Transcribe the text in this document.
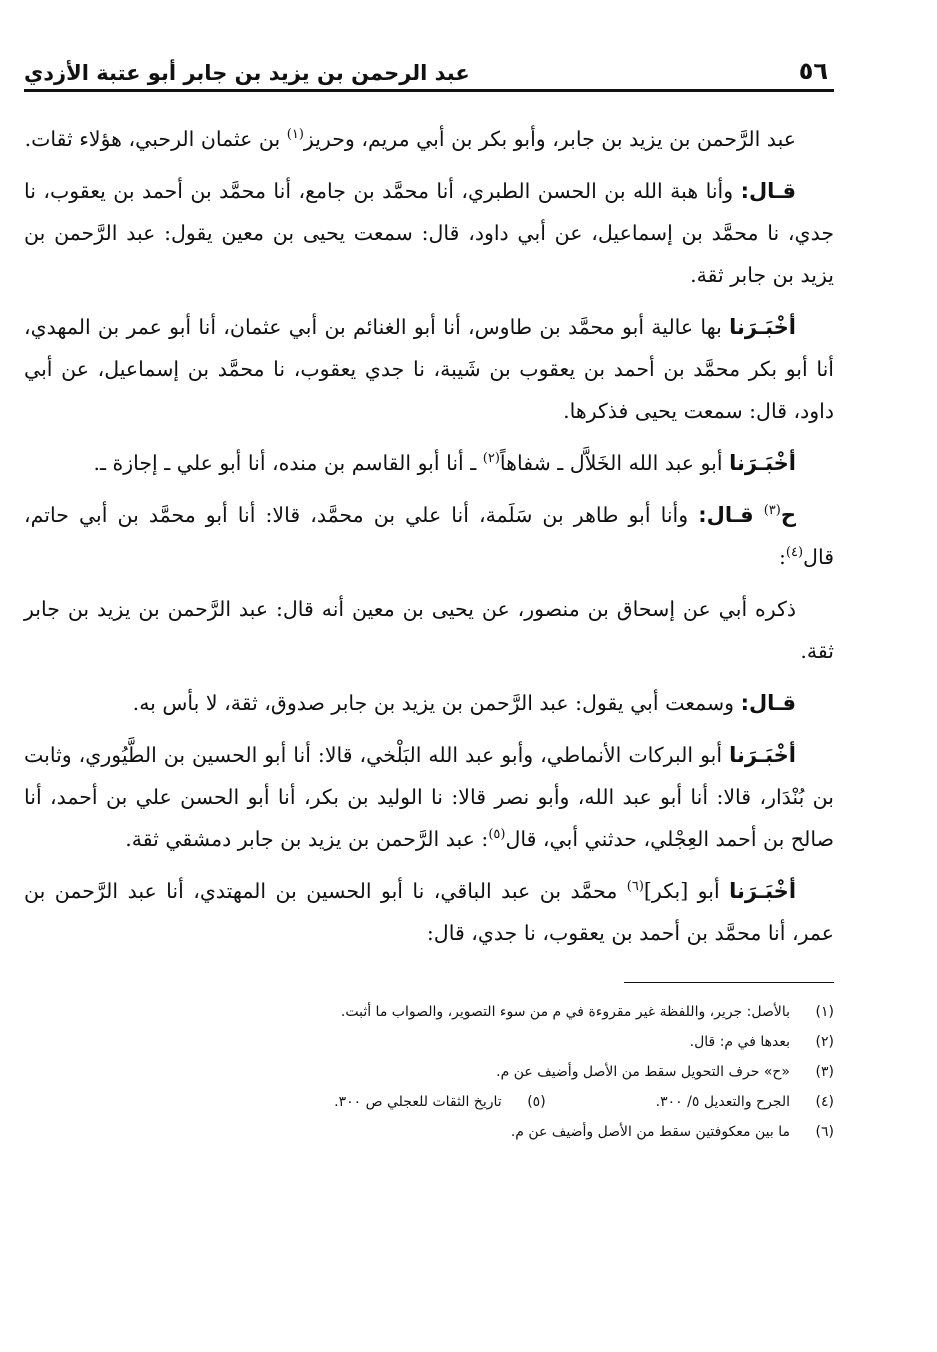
٥٦
عبد الرحمن بن يزيد بن جابر أبو عتبة الأزدي

عبد الرَّحمن بن يزيد بن جابر، وأبو بكر بن أبي مريم، وحريز$^{(١)}$ بن عثمان الرحبي، هؤلاء ثقات.

قـال: وأنا هبة الله بن الحسن الطبري، أنا محمَّد بن جامع، أنا محمَّد بن أحمد بن يعقوب، نا جدي، نا محمَّد بن إسماعيل، عن أبي داود، قال: سمعت يحيى بن معين يقول: عبد الرَّحمن بن يزيد بن جابر ثقة.

أخْبَـرَنا بها عالية أبو محمَّد بن طاوس، أنا أبو الغنائم بن أبي عثمان، أنا أبو عمر بن المهدي، أنا أبو بكر محمَّد بن أحمد بن يعقوب بن شَيبة، نا جدي يعقوب، نا محمَّد بن إسماعيل، عن أبي داود، قال: سمعت يحيى فذكرها.

أخْبَـرَنا أبو عبد الله الخَلاَّل ـ شفاهاً$^{(٢)}$ ـ أنا أبو القاسم بن منده، أنا أبو علي ـ إجازة ـ.

ح$^{(٣)}$ قـال: وأنا أبو طاهر بن سَلَمة، أنا علي بن محمَّد، قالا: أنا أبو محمَّد بن أبي حاتم، قال$^{(٤)}$:

ذكره أبي عن إسحاق بن منصور، عن يحيى بن معين أنه قال: عبد الرَّحمن بن يزيد بن جابر ثقة.

قـال: وسمعت أبي يقول: عبد الرَّحمن بن يزيد بن جابر صدوق، ثقة، لا بأس به.

أخْبَـرَنا أبو البركات الأنماطي، وأبو عبد الله البَلْخي، قالا: أنا أبو الحسين بن الطَّيُوري، وثابت بن بُنْدَار، قالا: أنا أبو عبد الله، وأبو نصر قالا: نا الوليد بن بكر، أنا أبو الحسن علي بن أحمد، أنا صالح بن أحمد العِجْلي، حدثني أبي، قال$^{(٥)}$: عبد الرَّحمن بن يزيد بن جابر دمشقي ثقة.

أخْبَـرَنا أبو [بكر]$^{(٦)}$ محمَّد بن عبد الباقي، نا أبو الحسين بن المهتدي، أنا عبد الرَّحمن بن عمر، أنا محمَّد بن أحمد بن يعقوب، نا جدي، قال:

(١)
بالأصل: جرير، واللفظة غير مقروءة في م من سوء التصوير، والصواب ما أثبت.
(٢)
بعدها في م: قال.
(٣)
«ح» حرف التحويل سقط من الأصل وأضيف عن م.
(٤)
الجرح والتعديل ٥/ ٣٠٠.
(٥)
تاريخ الثقات للعجلي ص ٣٠٠.
(٦)
ما بين معكوفتين سقط من الأصل وأضيف عن م.
